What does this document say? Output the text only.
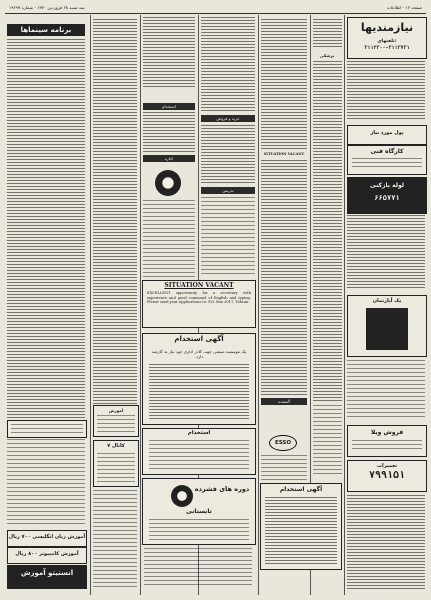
سه شنبه ۲۸ فروردین ۱۳۷۰ - شماره ۱۹۲۹۷	صفحه ۱۶ - اطلاعات
برنامه سینماها
آموزش زبان انگلیسی ۷۰۰ ریال
آموزش کامپیوتر ۸۰۰ ریال
انستیتو آموزش
آموزش
کانال ۷
استخدام
اجاره
خرید و فروش
تدریس
SITUATION VACANT
EXCELLENT opportunity for a secretary with experience and good command of English and typing. Please send your applications to: P.O. Box 2017, Tehran.
آگهی استخدام
یک موسسه صنعتی جهت کادر اداری خود نیاز به کارمند دارد.
استخدام
دوره های فشرده
تابستانی
SITUATION VACANT
گمشده
ESSO
پزشکی
آگهی استخدام
نیازمندیها
تلفنهای:
۳۱۱۲۳۰۰-۳۱۱۳۷۳۱
پول مورد نیاز
کارگاه فنی
لوله بازکنی
۶۶۵۷۷۱
یک آپارتمان
فروش ویلا
تعمیرات
۷۹۹۱۵۱
